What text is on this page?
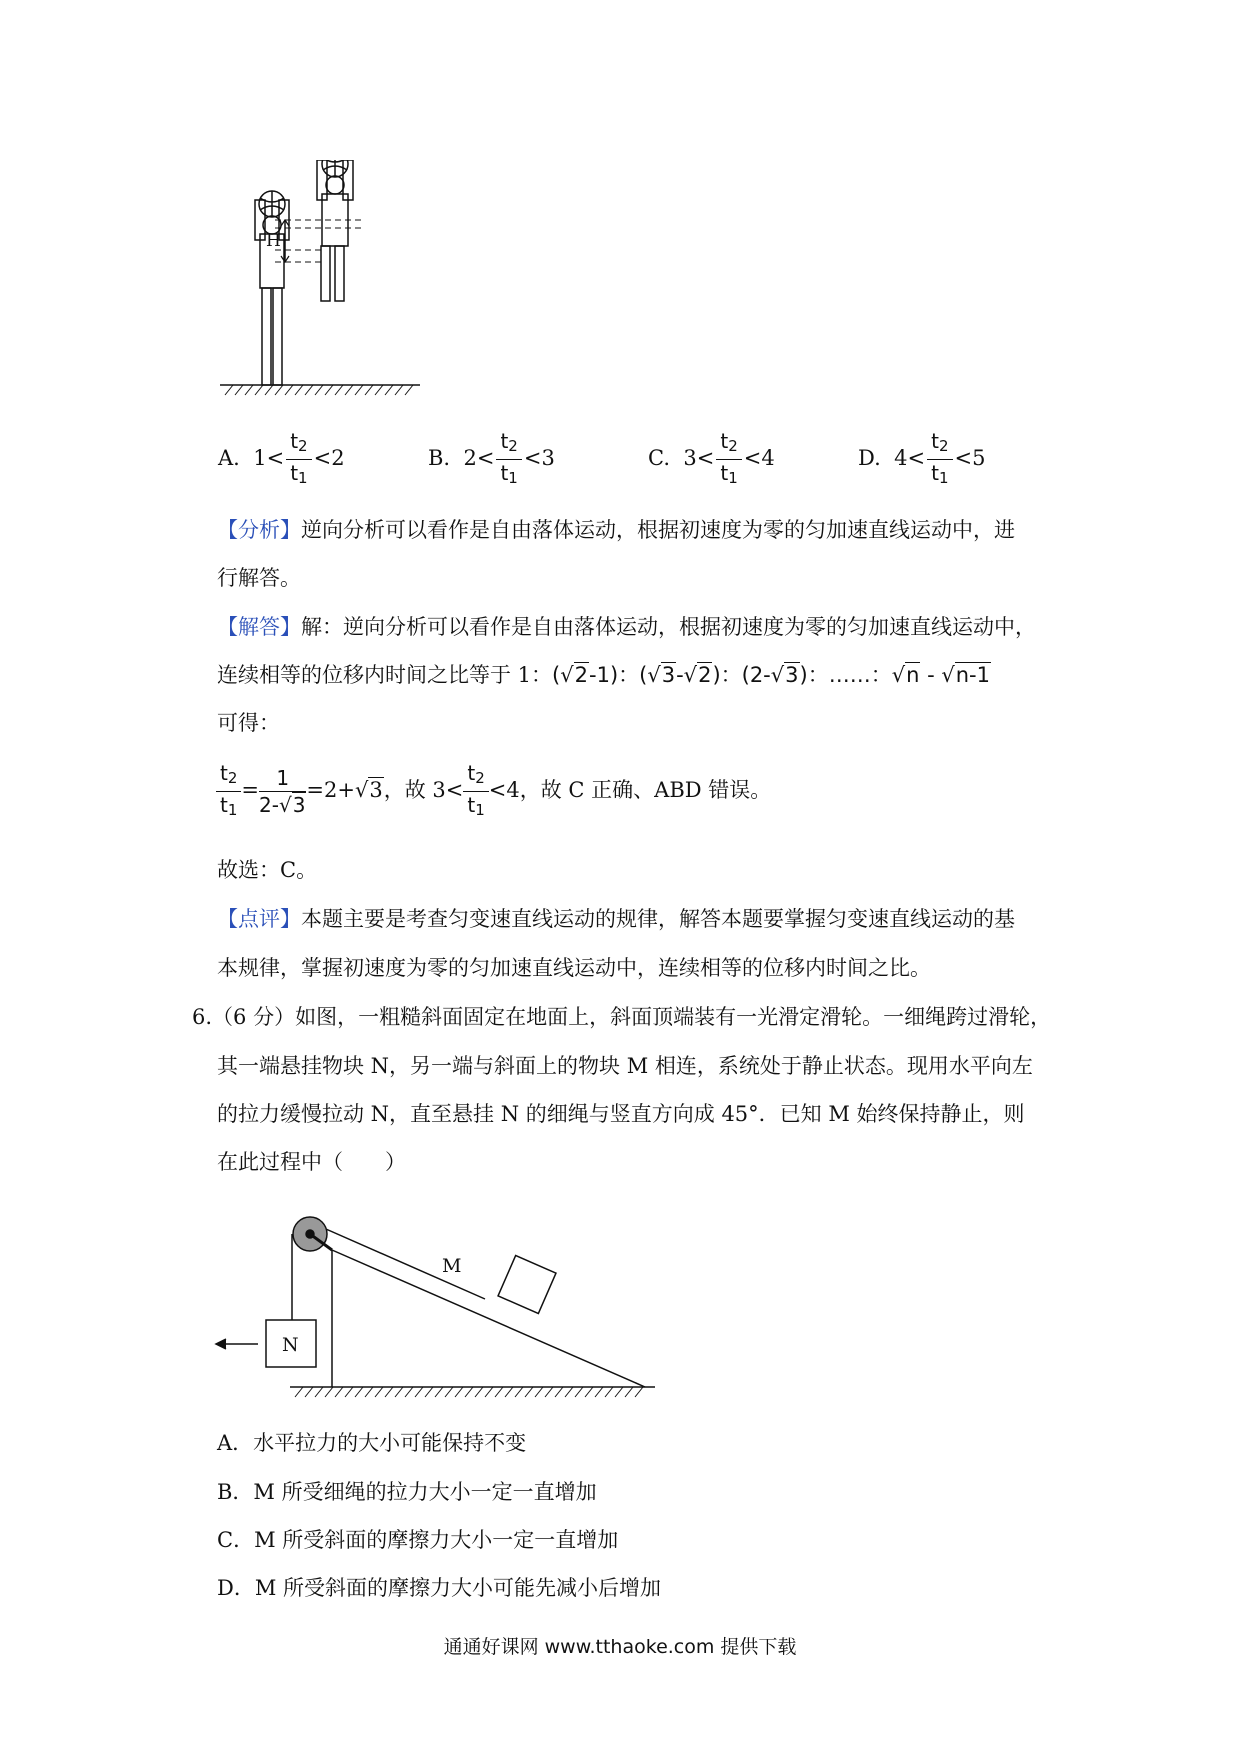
H
A. $1< \frac{t_2}{t_1} <2$	B. $2< \frac{t_2}{t_1} <3$	C. $3< \frac{t_2}{t_1} <4$	D. $4< \frac{t_2}{t_1} <5$
【分析】逆向分析可以看作是自由落体运动，根据初速度为零的匀加速直线运动中，进
行解答。
【解答】解：逆向分析可以看作是自由落体运动，根据初速度为零的匀加速直线运动中，
连续相等的位移内时间之比等于 1：(√2-1)：(√3-√2)：(2-√3)：……：√n - √n-1
可得：
$\frac{t_2}{t_1} = \frac{1}{2-√3} =2+√3$，故 $3< \frac{t_2}{t_1} <4$，故 C 正确、ABD 错误。
故选：C。
【点评】本题主要是考查匀变速直线运动的规律，解答本题要掌握匀变速直线运动的基
本规律，掌握初速度为零的匀加速直线运动中，连续相等的位移内时间之比。
6.（6 分）如图，一粗糙斜面固定在地面上，斜面顶端装有一光滑定滑轮。一细绳跨过滑轮，
其一端悬挂物块 N，另一端与斜面上的物块 M 相连，系统处于静止状态。现用水平向左
的拉力缓慢拉动 N，直至悬挂 N 的细绳与竖直方向成 45°．已知 M 始终保持静止，则
在此过程中（　　）
N
M
A．水平拉力的大小可能保持不变
B．M 所受细绳的拉力大小一定一直增加
C．M 所受斜面的摩擦力大小一定一直增加
D．M 所受斜面的摩擦力大小可能先减小后增加
通通好课网 www.tthaoke.com 提供下载
